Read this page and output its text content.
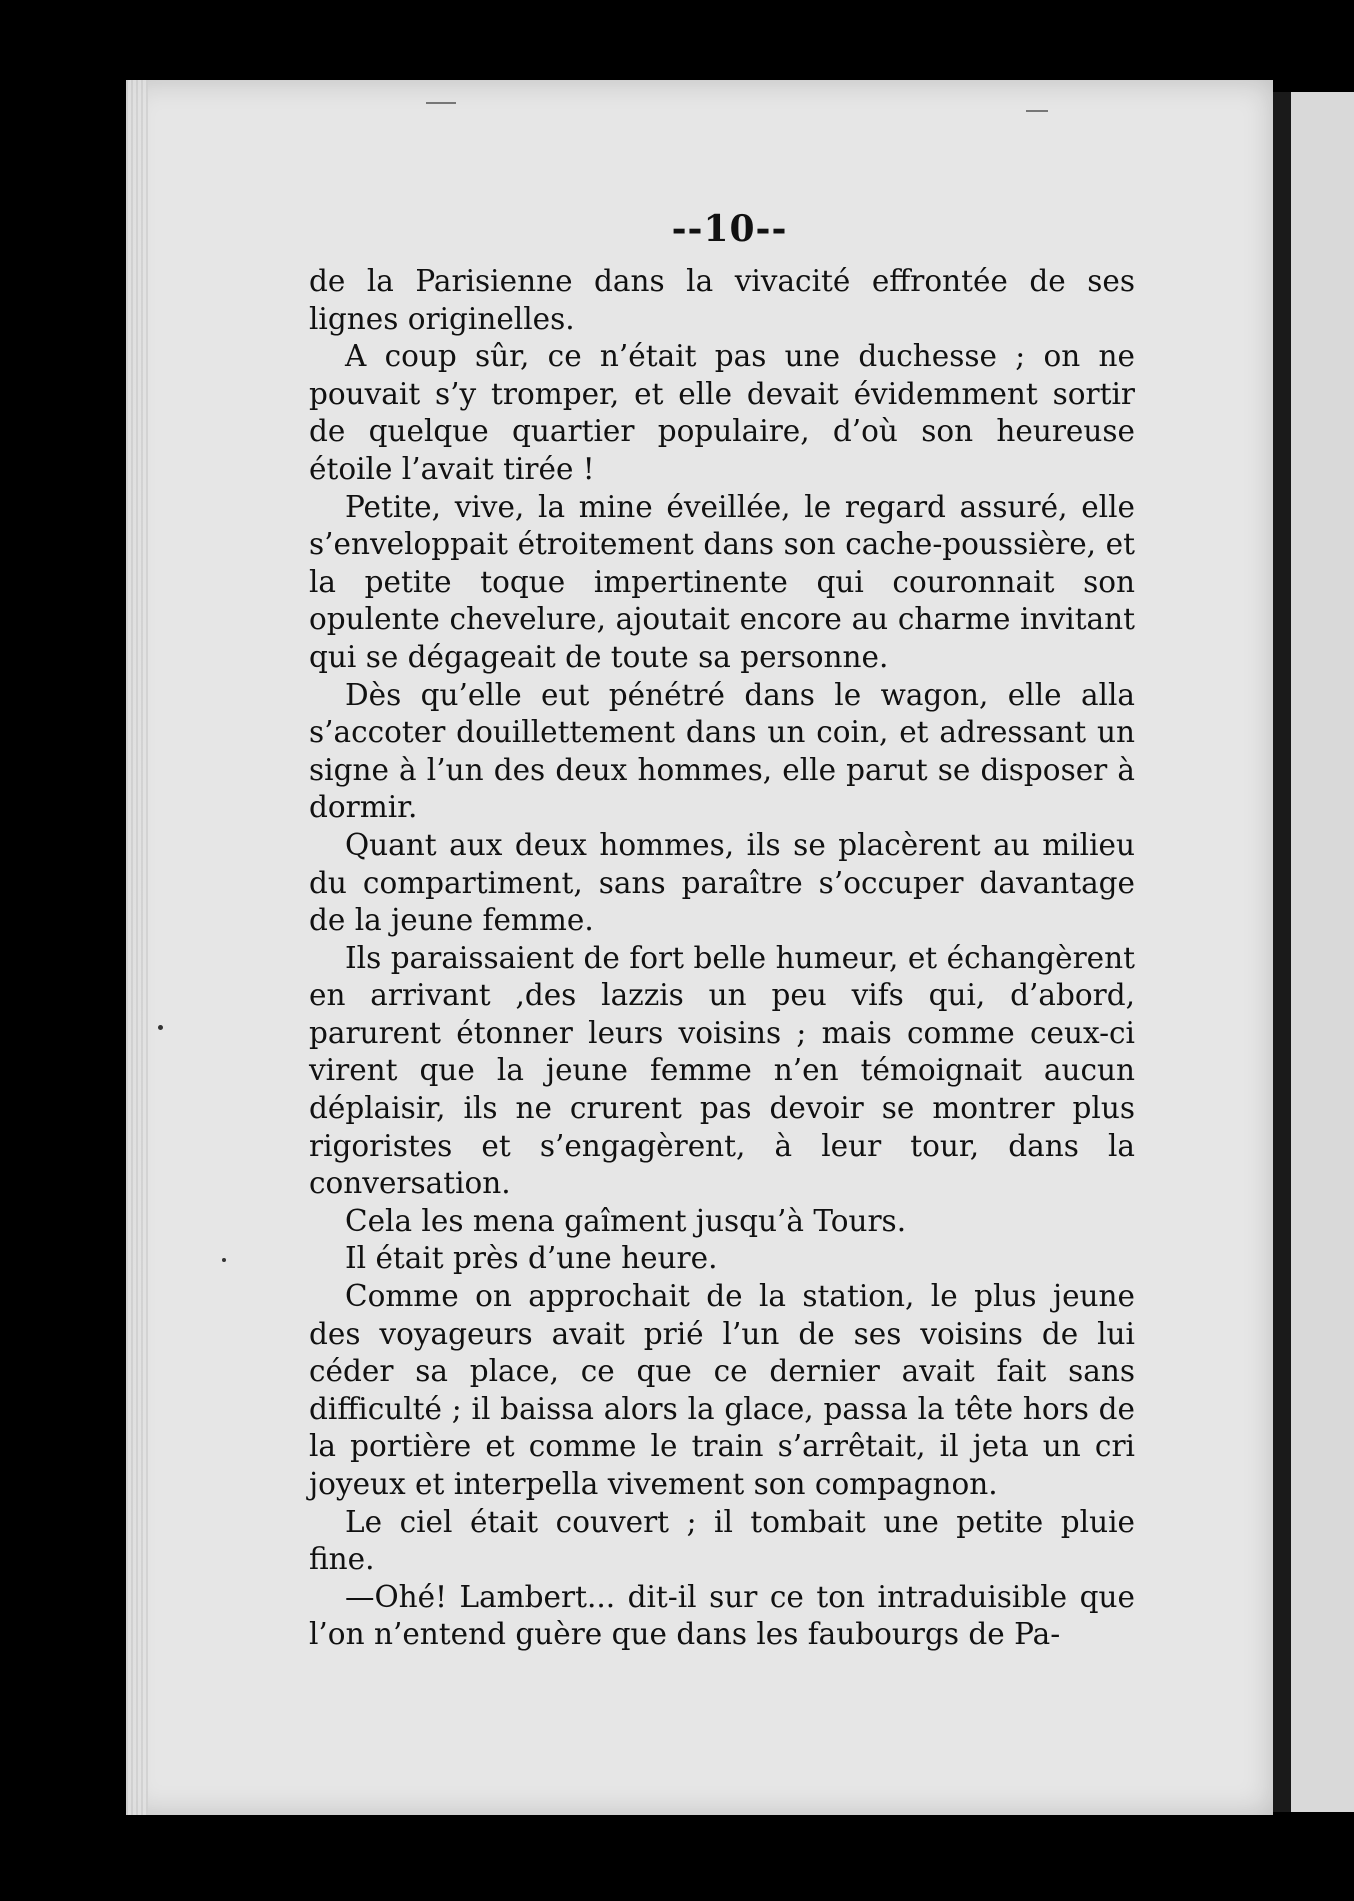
--10--

de la Parisienne dans la vivacité effrontée de ses lignes originelles.

A coup sûr, ce n’était pas une duchesse ; on ne pouvait s’y tromper, et elle devait évidemment sortir de quelque quartier populaire, d’où son heureuse étoile l’avait tirée !

Petite, vive, la mine éveillée, le regard assuré, elle s’enveloppait étroitement dans son cache-poussière, et la petite toque impertinente qui couronnait son opulente chevelure, ajoutait encore au charme invitant qui se dégageait de toute sa personne.

Dès qu’elle eut pénétré dans le wagon, elle alla s’accoter douillettement dans un coin, et adressant un signe à l’un des deux hommes, elle parut se disposer à dormir.

Quant aux deux hommes, ils se placèrent au milieu du compartiment, sans paraître s’occuper davantage de la jeune femme.

Ils paraissaient de fort belle humeur, et échangèrent en arrivant ,des lazzis un peu vifs qui, d’abord, parurent étonner leurs voisins ; mais comme ceux-ci virent que la jeune femme n’en témoignait aucun déplaisir, ils ne crurent pas devoir se montrer plus rigoristes et s’engagèrent, à leur tour, dans la conversation.

Cela les mena gaîment jusqu’à Tours.

Il était près d’une heure.

Comme on approchait de la station, le plus jeune des voyageurs avait prié l’un de ses voisins de lui céder sa place, ce que ce dernier avait fait sans difficulté ; il baissa alors la glace, passa la tête hors de la portière et comme le train s’arrêtait, il jeta un cri joyeux et interpella vivement son compagnon.

Le ciel était couvert ; il tombait une petite pluie fine.

—Ohé! Lambert... dit-il sur ce ton intraduisible que l’on n’entend guère que dans les faubourgs de Pa-
